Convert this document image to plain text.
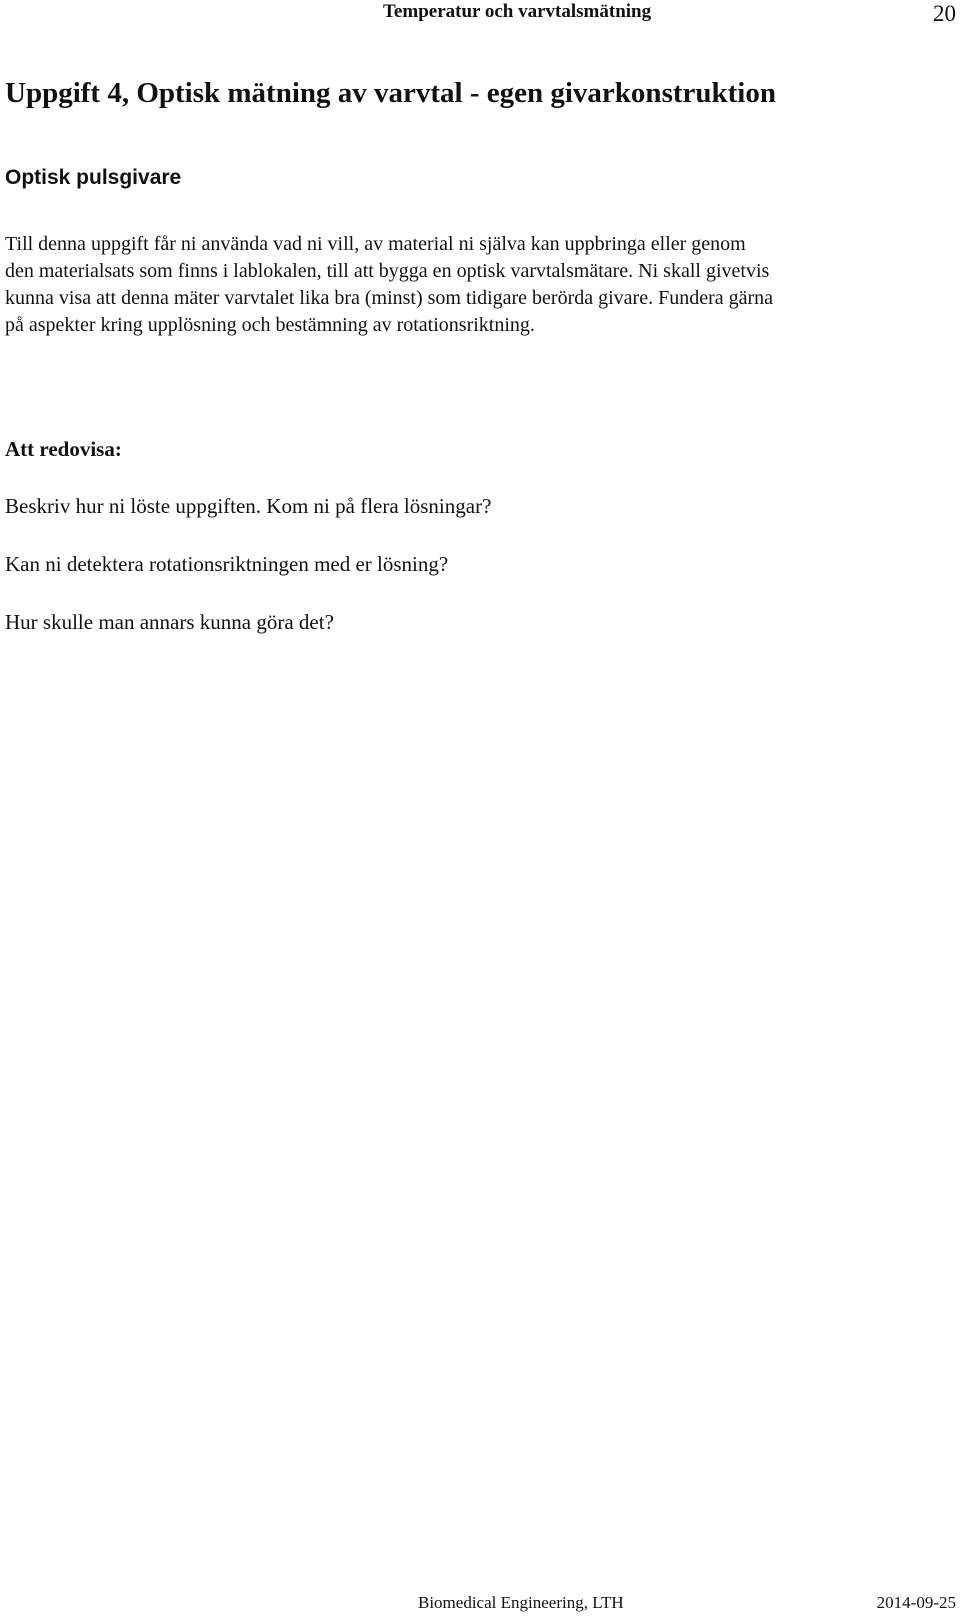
Temperatur och varvtalsmätning	20
Uppgift 4, Optisk mätning av varvtal - egen givarkonstruktion
Optisk pulsgivare

Till denna uppgift får ni använda vad ni vill, av material ni själva kan uppbringa eller genom
den materialsats som finns i lablokalen, till att bygga en optisk varvtalsmätare. Ni skall givetvis
kunna visa att denna mäter varvtalet lika bra (minst) som tidigare berörda givare. Fundera gärna
på aspekter kring upplösning och bestämning av rotationsriktning.

Att redovisa:

Beskriv hur ni löste uppgiften. Kom ni på flera lösningar?

Kan ni detektera rotationsriktningen med er lösning?

Hur skulle man annars kunna göra det?

Biomedical Engineering, LTH	2014-09-25
